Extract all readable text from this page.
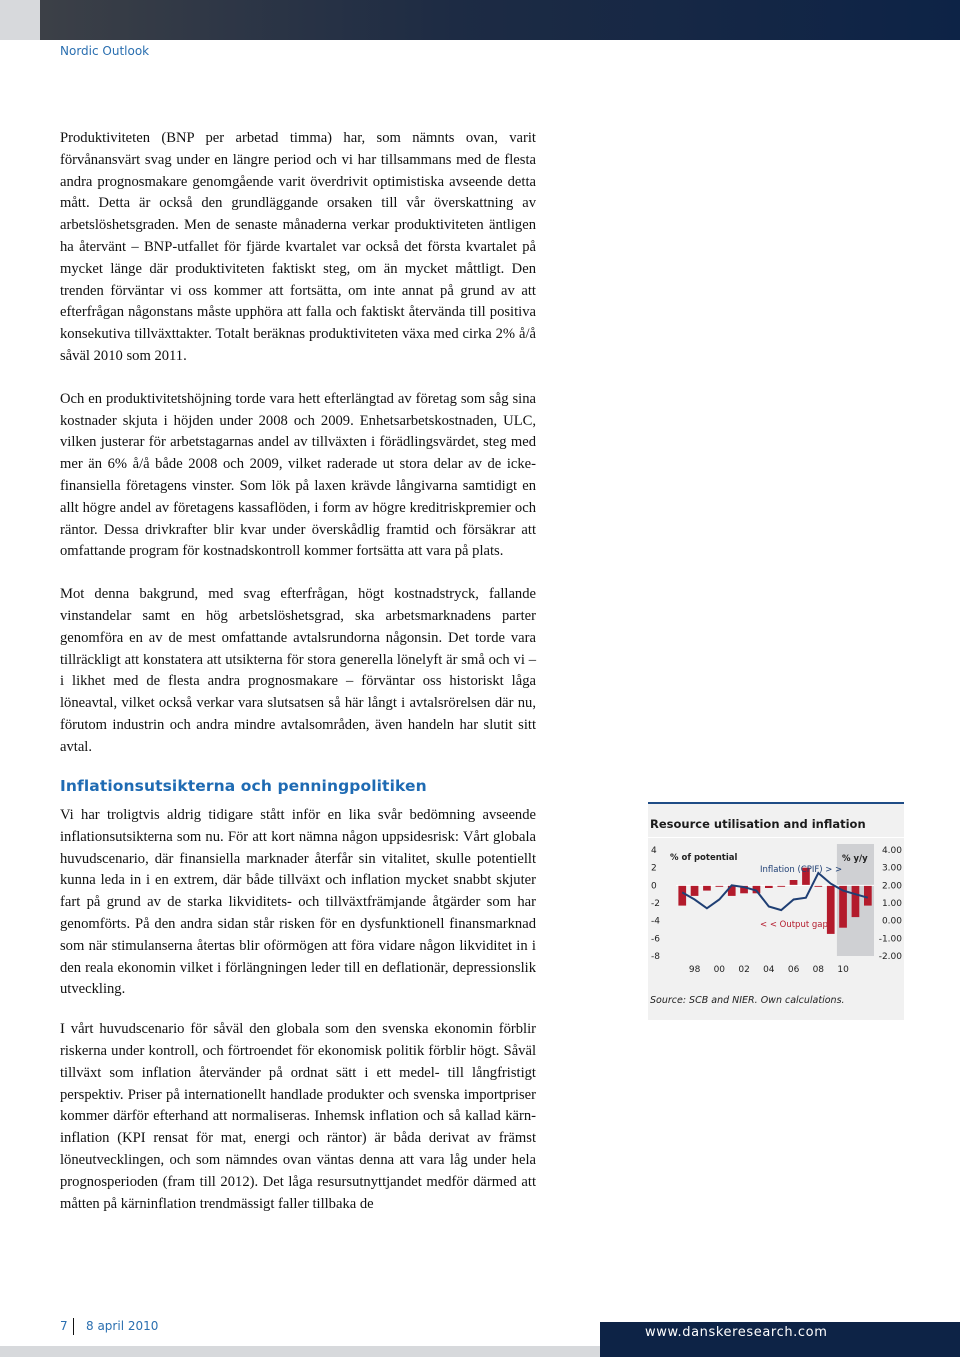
Nordic Outlook

Produktiviteten (BNP per arbetad timma) har, som nämnts ovan, varit förvånansvärt svag under en längre period och vi har tillsammans med de flesta andra prognosmakare genomgående varit överdrivit optimistiska avseende detta mått. Detta är också den grundläggande orsaken till vår överskattning av arbetslöshetsgraden. Men de senaste månaderna verkar produktiviteten äntligen ha återvänt – BNP-utfallet för fjärde kvartalet var också det första kvartalet på mycket länge där produktiviteten faktiskt steg, om än mycket måttligt. Den trenden förväntar vi oss kommer att fortsätta, om inte annat på grund av att efterfrågan någonstans måste upphöra att falla och faktiskt återvända till positiva konsekutiva tillväxttakter. Totalt beräknas produktiviteten växa med cirka 2% å/å såväl 2010 som 2011.

Och en produktivitetshöjning torde vara hett efterlängtad av företag som såg sina kostnader skjuta i höjden under 2008 och 2009. Enhetsarbetskostnaden, ULC, vilken justerar för arbetstagarnas andel av tillväxten i förädlingsvärdet, steg med mer än 6% å/å både 2008 och 2009, vilket raderade ut stora delar av de icke-finansiella företagens vinster. Som lök på laxen krävde långivarna samtidigt en allt högre andel av företagens kassaflöden, i form av högre kreditriskpremier och räntor. Dessa drivkrafter blir kvar under överskådlig framtid och försäkrar att omfattande program för kostnadskontroll kommer fortsätta att vara på plats.

Mot denna bakgrund, med svag efterfrågan, högt kostnadstryck, fallande vinstandelar samt en hög arbetslöshetsgrad, ska arbetsmarknadens parter genomföra en av de mest omfattande avtalsrundorna någonsin. Det torde vara tillräckligt att konstatera att utsikterna för stora generella lönelyft är små och vi – i likhet med de flesta andra prognosmakare – förväntar oss historiskt låga löneavtal, vilket också verkar vara slutsatsen så här långt i avtalsrörelsen där nu, förutom industrin och andra mindre avtalsområden, även handeln har slutit sitt avtal.

Inflationsutsikterna och penningpolitiken

Vi har troligtvis aldrig tidigare stått inför en lika svår bedömning avseende inflationsutsikterna som nu. För att kort nämna någon uppsidesrisk: Vårt globala huvudscenario, där finansiella marknader återfår sin vitalitet, skulle potentiellt kunna leda in i en extrem, där både tillväxt och inflation mycket snabbt skjuter fart på grund av de starka likviditets- och tillväxtfrämjande åtgärder som har genomförts. På den andra sidan står risken för en dysfunktionell finansmarknad som när stimulanserna återtas blir oförmögen att föra vidare någon likviditet in i den reala ekonomin vilket i förlängningen leder till en deflationär, depressionslik utveckling.

I vårt huvudscenario för såväl den globala som den svenska ekonomin förblir riskerna under kontroll, och förtroendet för ekonomisk politik förblir högt. Såväl tillväxt som inflation återvänder på ordnat sätt i ett medel- till långfristigt perspektiv. Priser på internationellt handlade produkter och svenska importpriser kommer därför efterhand att normaliseras. Inhemsk inflation och så kallad kärn-inflation (KPI rensat för mat, energi och räntor) är båda derivat av främst löneutvecklingen, och som nämndes ovan väntas denna att vara låg under hela prognosperioden (fram till 2012). Det låga resursutnyttjandet medför därmed att måtten på kärninflation trendmässigt faller tillbaka de

Resource utilisation and inflation
4
2
0
-2
-4
-6
-8
4.00
3.00
2.00
1.00
0.00
-1.00
-2.00
98 00 02 04 06 08 10
% of potential	% y/y
Inflation (CPIF) > >
< < Output gap
Source: SCB and NIER. Own calculations.
7 8 april 2010	www.danskeresearch.com
